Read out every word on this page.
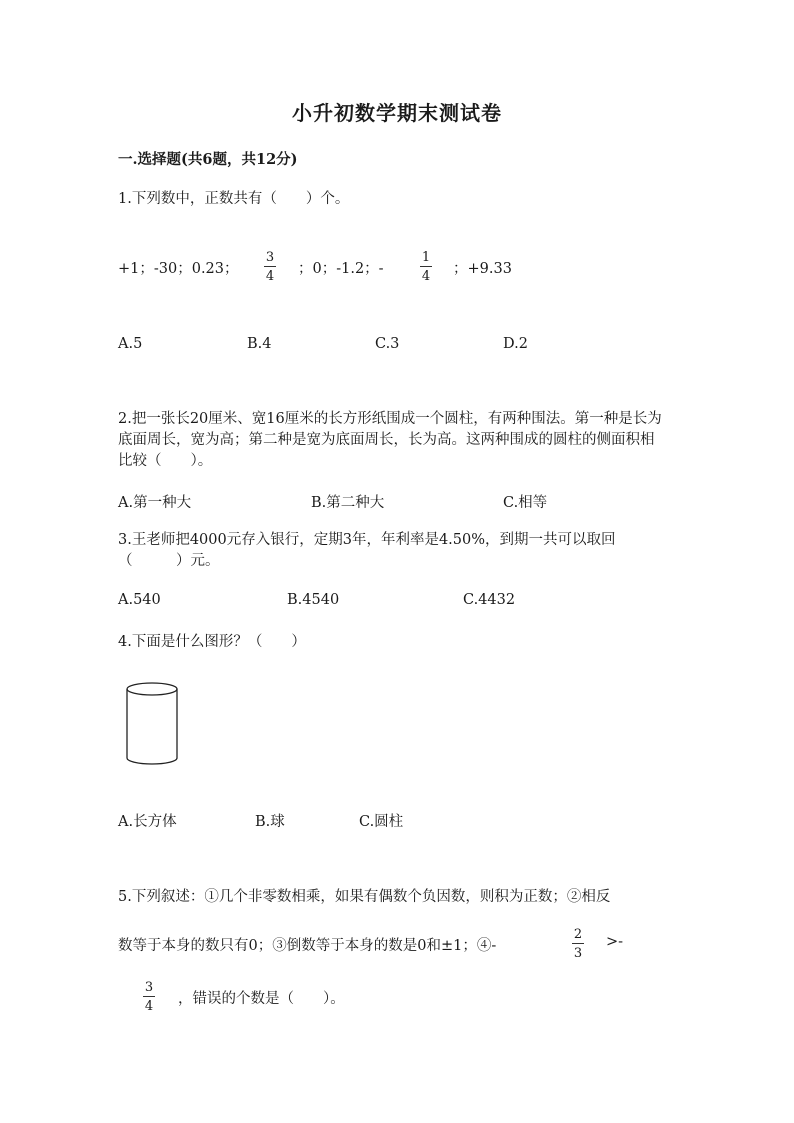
小升初数学期末测试卷
一.选择题(共6题，共12分)
1.下列数中，正数共有（　　）个。
+1；-30；0.23；
3
4 ；0；-1.2；-
1
4 ；+9.33
A.5	B.4	C.3	D.2
2.把一张长20厘米、宽16厘米的长方形纸围成一个圆柱，有两种围法。第一种是长为底面周长，宽为高；第二种是宽为底面周长，长为高。这两种围成的圆柱的侧面积相比较（　　）。
A.第一种大	B.第二种大	C.相等
3.王老师把4000元存入银行，定期3年，年利率是4.50%，到期一共可以取回（　　　）元。
A.540	B.4540	C.4432
4.下面是什么图形？（　　）
A.长方体	B.球	C.圆柱
5.下列叙述：①几个非零数相乘，如果有偶数个负因数，则积为正数；②相反
数等于本身的数只有0；③倒数等于本身的数是0和±1；④-
2
3
>-
3
4 ，错误的个数是（　　）。
